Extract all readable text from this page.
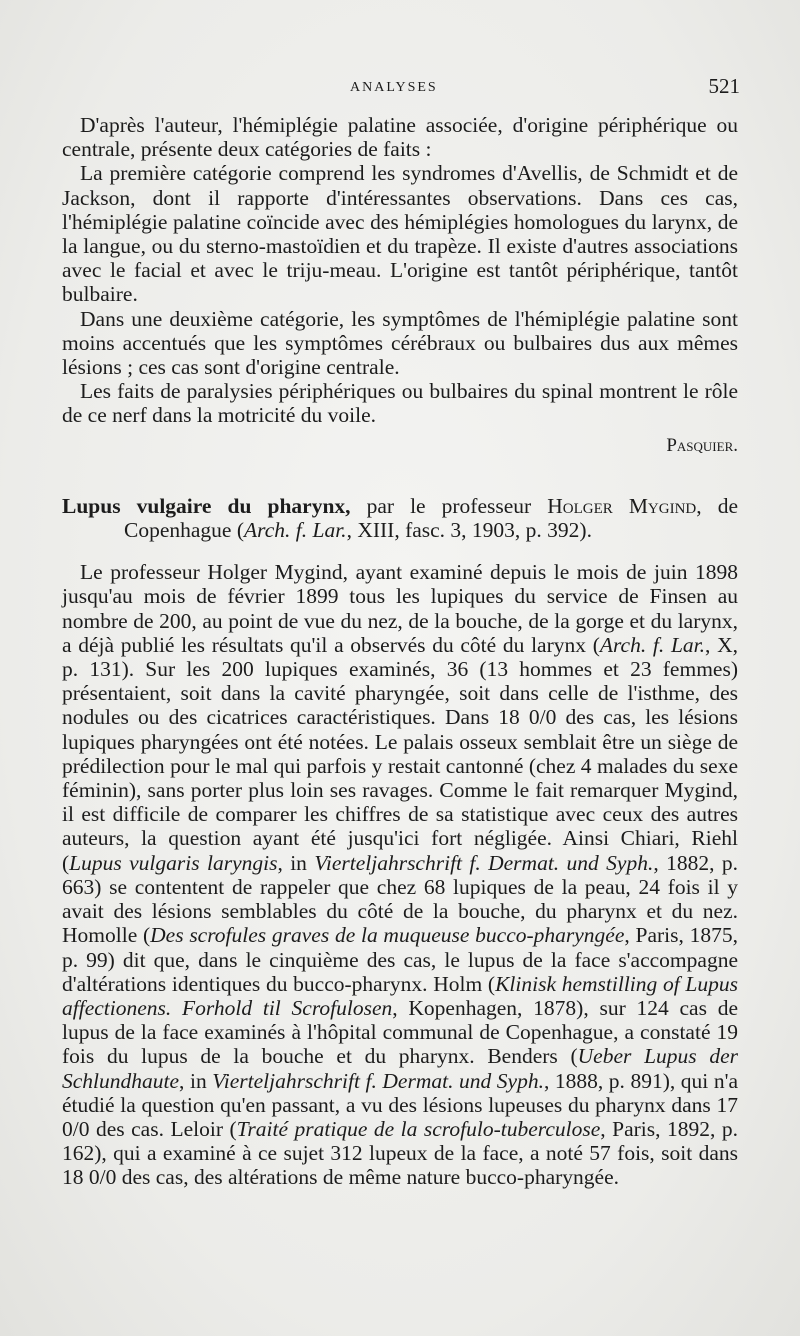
ANALYSES	521

D'après l'auteur, l'hémiplégie palatine associée, d'origine périphérique ou centrale, présente deux catégories de faits :

La première catégorie comprend les syndromes d'Avellis, de Schmidt et de Jackson, dont il rapporte d'intéressantes observations. Dans ces cas, l'hémiplégie palatine coïncide avec des hémiplégies homologues du larynx, de la langue, ou du sterno-mastoïdien et du trapèze. Il existe d'autres associations avec le facial et avec le triju-meau. L'origine est tantôt périphérique, tantôt bulbaire.

Dans une deuxième catégorie, les symptômes de l'hémiplégie palatine sont moins accentués que les symptômes cérébraux ou bulbaires dus aux mêmes lésions ; ces cas sont d'origine centrale.

Les faits de paralysies périphériques ou bulbaires du spinal montrent le rôle de ce nerf dans la motricité du voile.

Pasquier.

Lupus vulgaire du pharynx, par le professeur Holger Mygind, de Copenhague (Arch. f. Lar., XIII, fasc. 3, 1903, p. 392).

Le professeur Holger Mygind, ayant examiné depuis le mois de juin 1898 jusqu'au mois de février 1899 tous les lupiques du service de Finsen au nombre de 200, au point de vue du nez, de la bouche, de la gorge et du larynx, a déjà publié les résultats qu'il a observés du côté du larynx (Arch. f. Lar., X, p. 131). Sur les 200 lupiques examinés, 36 (13 hommes et 23 femmes) présentaient, soit dans la cavité pharyngée, soit dans celle de l'isthme, des nodules ou des cicatrices caractéristiques. Dans 18 0/0 des cas, les lésions lupiques pharyngées ont été notées. Le palais osseux semblait être un siège de prédilection pour le mal qui parfois y restait cantonné (chez 4 malades du sexe féminin), sans porter plus loin ses ravages. Comme le fait remarquer Mygind, il est difficile de comparer les chiffres de sa statistique avec ceux des autres auteurs, la question ayant été jusqu'ici fort négligée. Ainsi Chiari, Riehl (Lupus vulgaris laryngis, in Vierteljahrschrift f. Dermat. und Syph., 1882, p. 663) se contentent de rappeler que chez 68 lupiques de la peau, 24 fois il y avait des lésions semblables du côté de la bouche, du pharynx et du nez. Homolle (Des scrofules graves de la muqueuse bucco-pharyngée, Paris, 1875, p. 99) dit que, dans le cinquième des cas, le lupus de la face s'accompagne d'altérations identiques du bucco-pharynx. Holm (Klinisk hemstilling of Lupus affectionens. Forhold til Scrofulosen, Kopenhagen, 1878), sur 124 cas de lupus de la face examinés à l'hôpital communal de Copenhague, a constaté 19 fois du lupus de la bouche et du pharynx. Benders (Ueber Lupus der Schlundhaute, in Vierteljahrschrift f. Dermat. und Syph., 1888, p. 891), qui n'a étudié la question qu'en passant, a vu des lésions lupeuses du pharynx dans 17 0/0 des cas. Leloir (Traité pratique de la scrofulo-tuberculose, Paris, 1892, p. 162), qui a examiné à ce sujet 312 lupeux de la face, a noté 57 fois, soit dans 18 0/0 des cas, des altérations de même nature bucco-pharyngée.
